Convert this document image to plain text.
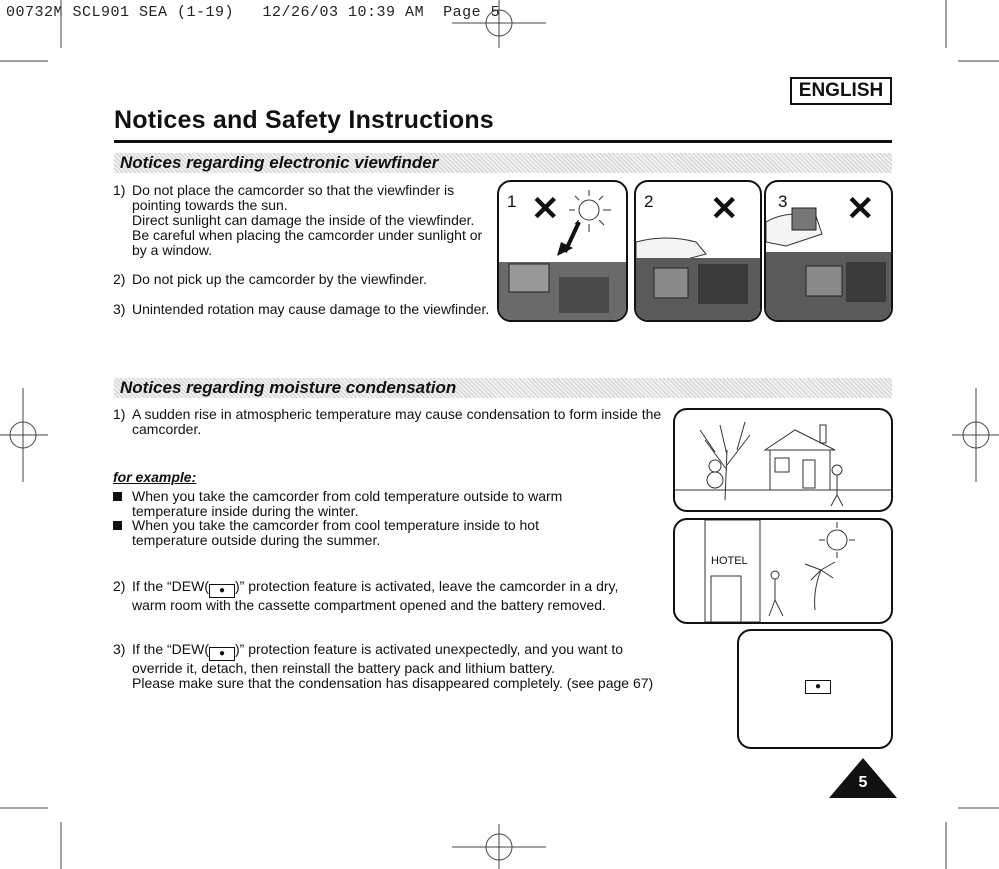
00732M SCL901 SEA (1-19)   12/26/03 10:39 AM  Page 5
ENGLISH
Notices and Safety Instructions
Notices regarding electronic viewfinder
1) Do not place the camcorder so that the viewfinder is
pointing towards the sun.
Direct sunlight can damage the inside of the viewfinder.
Be careful when placing the camcorder under sunlight or
by a window.
2) Do not pick up the camcorder by the viewfinder.
3) Unintended rotation may cause damage to the viewfinder.
1 ✕	2 ✕ 3 ✕
Notices regarding moisture condensation
1) A sudden rise in atmospheric temperature may cause condensation to form inside the
camcorder.
for example:
When you take the camcorder from cold temperature outside to warm
temperature inside during the winter.
When you take the camcorder from cool temperature inside to hot
temperature outside during the summer.
2) If the “DEW( ● )” protection feature is activated, leave the camcorder in a dry,
warm room with the cassette compartment opened and the battery removed.
3) If the “DEW( ● )” protection feature is activated unexpectedly, and you want to
override it, detach, then reinstall the battery pack and lithium battery.
Please make sure that the condensation has disappeared completely. (see page 67)
HOTEL
●
5
